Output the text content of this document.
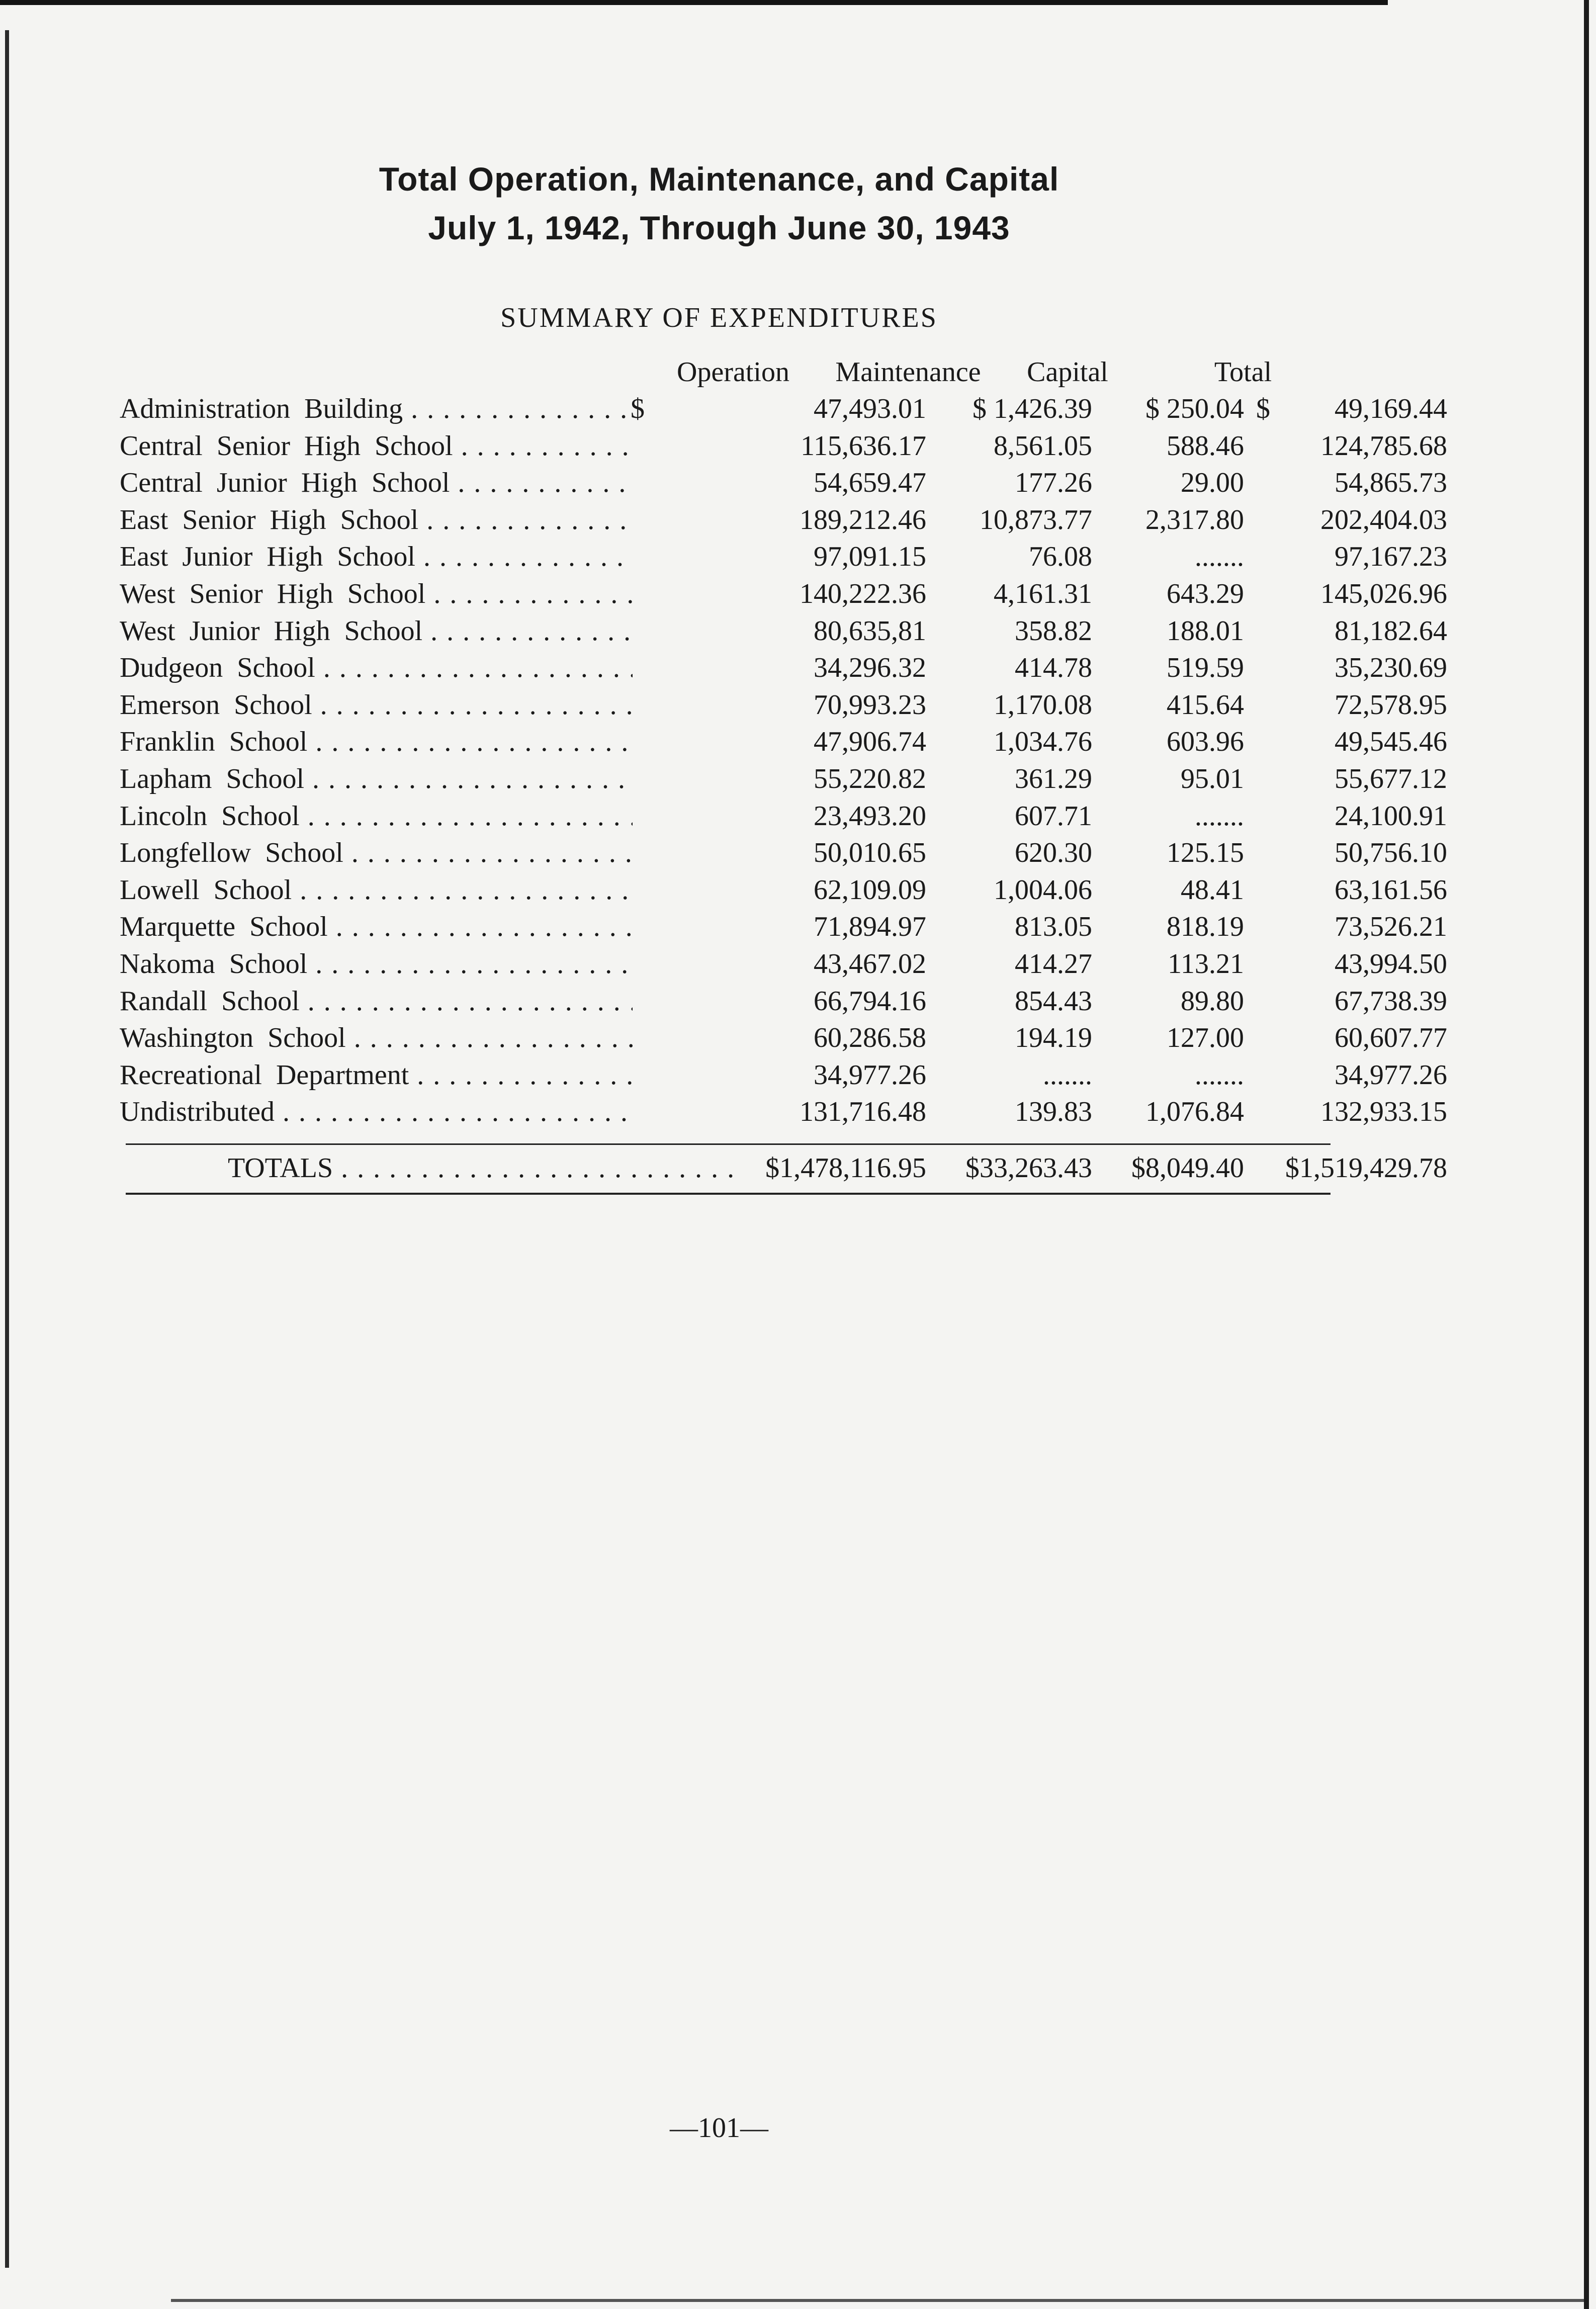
Total Operation, Maintenance, and Capital
July 1, 1942, Through June 30, 1943
SUMMARY OF EXPENDITURES
Operation	Maintenance	Capital	Total
Administration Building . . .	47,493.01	$ 1,426.39	$ 250.04	49,169.44
$	$
Central Senior High School . . .	115,636.17	8,561.05	588.46	124,785.68
Central Junior High School . . .	54,659.47	177.26	29.00	54,865.73
East Senior High School . . .	189,212.46	10,873.77	2,317.80	202,404.03
East Junior High School . . .	97,091.15	76.08	.......	97,167.23
West Senior High School . . .	140,222.36	4,161.31	643.29	145,026.96
West Junior High School . . .	80,635,81	358.82	188.01	81,182.64
Dudgeon School . . .	34,296.32	414.78	519.59	35,230.69
Emerson School . . .	70,993.23	1,170.08	415.64	72,578.95
Franklin School . . .	47,906.74	1,034.76	603.96	49,545.46
Lapham School . . .	55,220.82	361.29	95.01	55,677.12
Lincoln School . . .	23,493.20	607.71	.......	24,100.91
Longfellow School . . .	50,010.65	620.30	125.15	50,756.10
Lowell School . . .	62,109.09	1,004.06	48.41	63,161.56
Marquette School . . .	71,894.97	813.05	818.19	73,526.21
Nakoma School . . .	43,467.02	414.27	113.21	43,994.50
Randall School . . .	66,794.16	854.43	89.80	67,738.39
Washington School . . .	60,286.58	194.19	127.00	60,607.77
Recreational Department . . .	34,977.26	.......	.......	34,977.26
Undistributed . . .	131,716.48	139.83	1,076.84	132,933.15
TOTALS . . .	$1,478,116.95	$33,263.43	$8,049.40	$1,519,429.78
—101—
